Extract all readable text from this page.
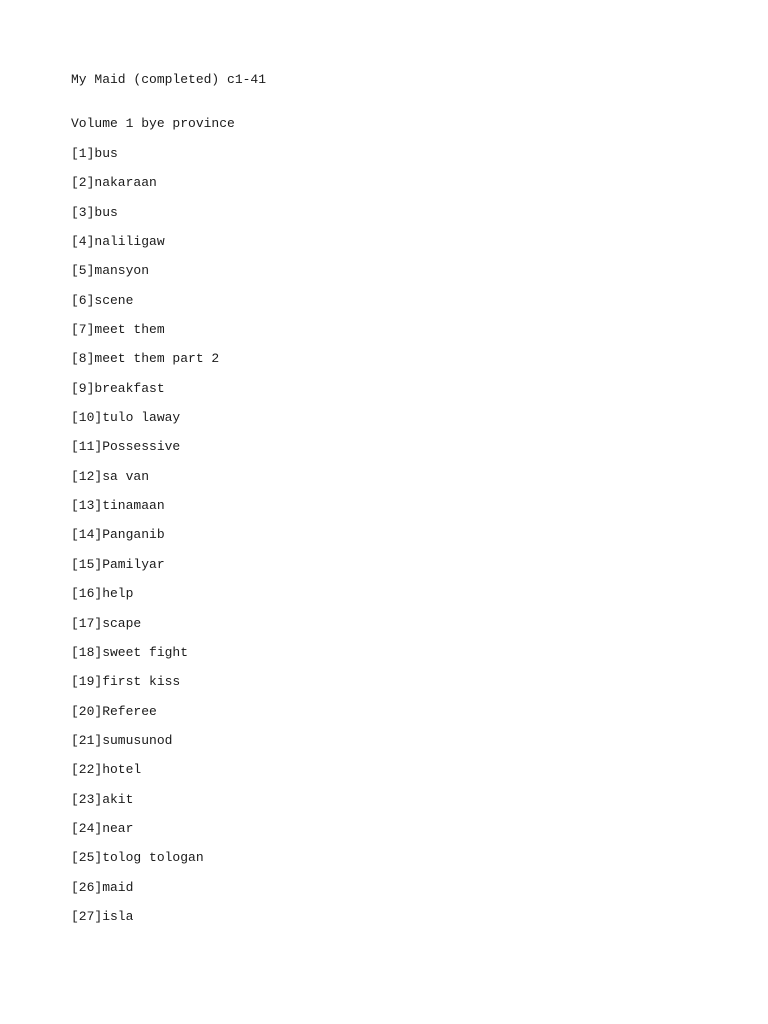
My Maid (completed) c1-41
Volume 1 bye province
[1]bus
[2]nakaraan
[3]bus
[4]naliligaw
[5]mansyon
[6]scene
[7]meet them
[8]meet them part 2
[9]breakfast
[10]tulo laway
[11]Possessive
[12]sa van
[13]tinamaan
[14]Panganib
[15]Pamilyar
[16]help
[17]scape
[18]sweet fight
[19]first kiss
[20]Referee
[21]sumusunod
[22]hotel
[23]akit
[24]near
[25]tolog tologan
[26]maid
[27]isla
